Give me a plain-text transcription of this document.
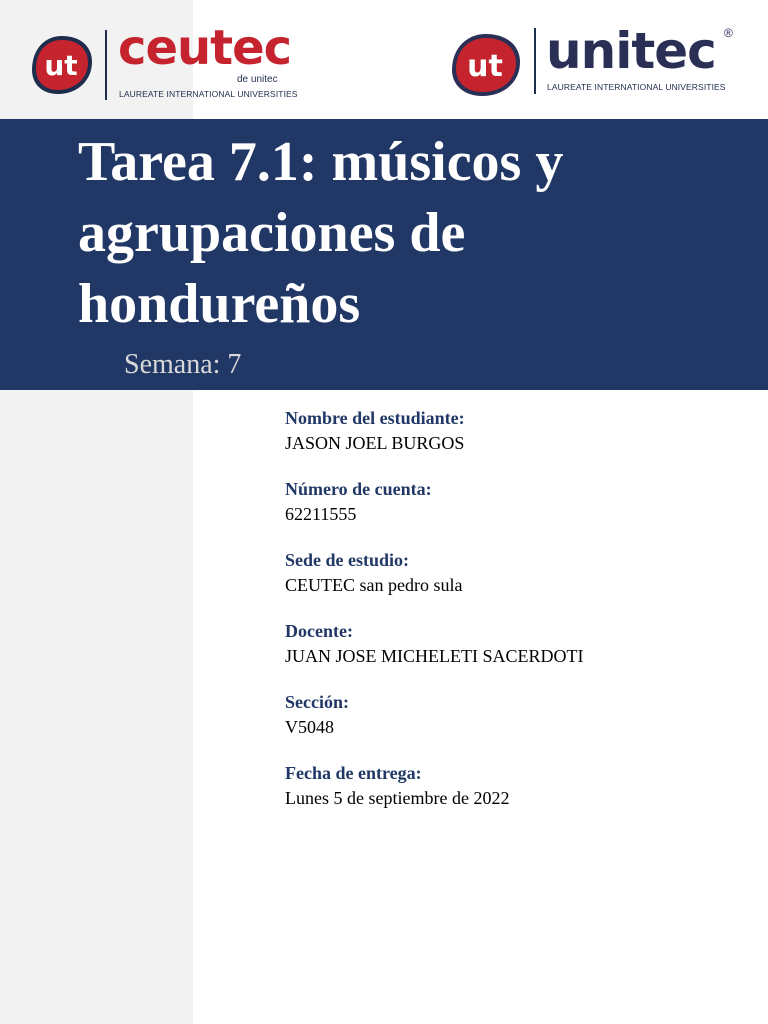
ut ceutec
de unitec
LAUREATE INTERNATIONAL UNIVERSITIES
ut unitec ®
LAUREATE INTERNATIONAL UNIVERSITIES
Tarea 7.1: músicos y agrupaciones de hondureños

Semana: 7

Nombre del estudiante:
JASON JOEL BURGOS
Número de cuenta:
62211555
Sede de estudio:
CEUTEC san pedro sula
Docente:
JUAN JOSE MICHELETI SACERDOTI
Sección:
V5048
Fecha de entrega:
Lunes 5 de septiembre de 2022
